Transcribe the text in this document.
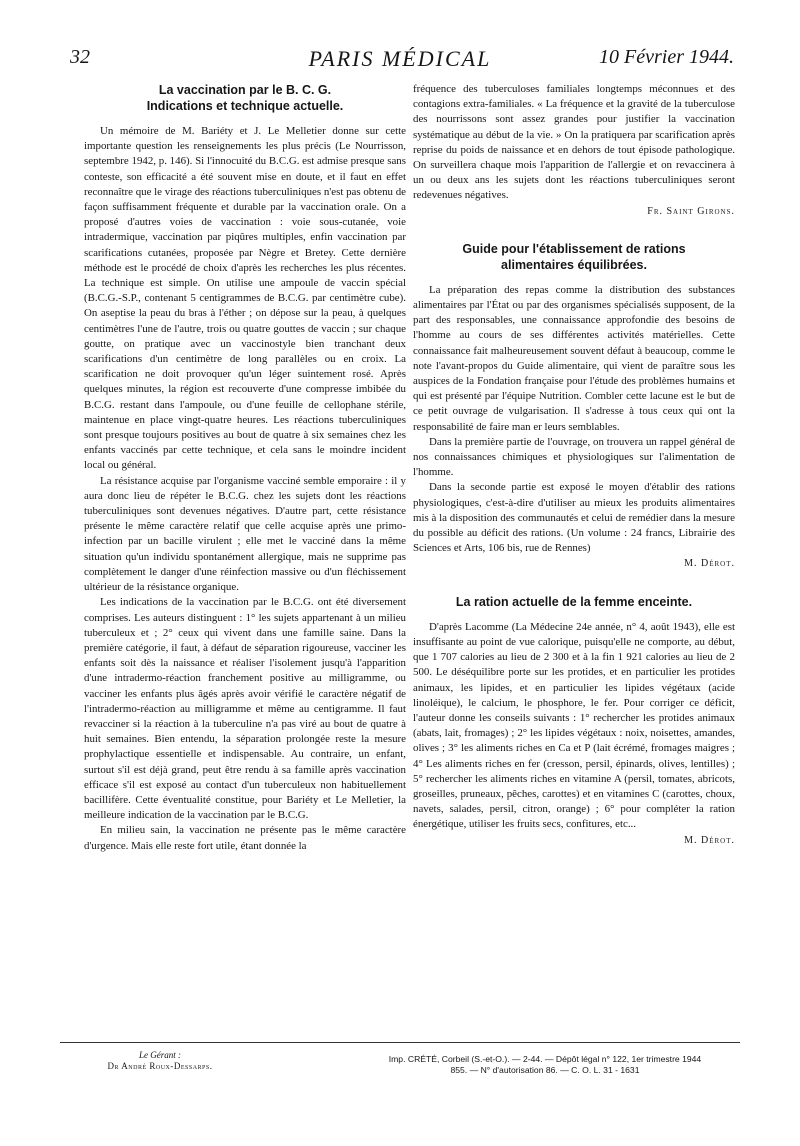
32	PARIS MÉDICAL	10 Février 1944.
La vaccination par le B. C. G.
Indications et technique actuelle.

Un mémoire de M. Bariéty et J. Le Melletier donne sur cette importante question les renseignements les plus précis (Le Nourrisson, septembre 1942, p. 146). Si l'innocuité du B.C.G. est admise presque sans conteste, son efficacité a été souvent mise en doute, et il faut en effet reconnaître que le virage des réactions tuberculiniques n'est pas obtenu de façon suffisamment fréquente et durable par la vaccination orale. On a proposé d'autres voies de vaccination : voie sous-cutanée, voie intradermique, vaccination par piqûres multiples, enfin vaccination par scarifications cutanées, proposée par Nègre et Bretey. Cette dernière méthode est le procédé de choix d'après les recherches les plus récentes. La technique est simple. On utilise une ampoule de vaccin spécial (B.C.G.-S.P., contenant 5 centigrammes de B.C.G. par centimètre cube). On aseptise la peau du bras à l'éther ; on dépose sur la peau, à quelques centimètres l'une de l'autre, trois ou quatre gouttes de vaccin ; sur chaque goutte, on pratique avec un vaccinostyle bien tranchant deux scarifications d'un centimètre de long parallèles ou en croix. La scarification ne doit provoquer qu'un léger suintement rosé. Après quelques minutes, la région est recouverte d'une compresse imbibée du B.C.G. restant dans l'ampoule, ou d'une feuille de cellophane stérile, maintenue en place vingt-quatre heures. Les réactions tuberculiniques sont presque toujours positives au bout de quatre à six semaines chez les enfants vaccinés par cette technique, et cela sans le moindre incident local ou général.

La résistance acquise par l'organisme vacciné semble emporaire : il y aura donc lieu de répéter le B.C.G. chez les sujets dont les réactions tuberculiniques sont devenues négatives. D'autre part, cette résistance présente le même caractère relatif que celle acquise après une primo-infection par un bacille virulent ; elle met le vacciné dans la même situation qu'un individu spontanément allergique, mais ne supprime pas complètement le danger d'une réinfection massive ou d'un fléchissement ultérieur de la résistance organique.

Les indications de la vaccination par le B.C.G. ont été diversement comprises. Les auteurs distinguent : 1° les sujets appartenant à un milieu tuberculeux et ; 2° ceux qui vivent dans une famille saine. Dans la première catégorie, il faut, à défaut de séparation rigoureuse, vacciner les enfants soit dès la naissance et réaliser l'isolement jusqu'à l'apparition d'une intradermo-réaction franchement positive au milligramme, ou vacciner les enfants plus âgés après avoir vérifié le caractère négatif de l'intradermo-réaction au milligramme et même au centigramme. Il faut revacciner si la réaction à la tuberculine n'a pas viré au bout de quatre à huit semaines. Bien entendu, la séparation prolongée reste la mesure prophylactique essentielle et indispensable. Au contraire, un enfant, surtout s'il est déjà grand, peut être rendu à sa famille après vaccination efficace s'il est exposé au contact d'un tuberculeux non habituellement bacillifère. Cette éventualité constitue, pour Bariéty et Le Melletier, la meilleure indication de la vaccination par le B.C.G.

En milieu sain, la vaccination ne présente pas le même caractère d'urgence. Mais elle reste fort utile, étant donnée la

fréquence des tuberculoses familiales longtemps méconnues et des contagions extra-familiales. « La fréquence et la gravité de la tuberculose des nourrissons sont assez grandes pour justifier la vaccination systématique au début de la vie. » On la pratiquera par scarification après reprise du poids de naissance et en dehors de tout épisode pathologique. On surveillera chaque mois l'apparition de l'allergie et on revaccinera à un ou deux ans les sujets dont les réactions tuberculiniques seront redevenues négatives.

Fr. Saint Girons.

Guide pour l'établissement de rations
alimentaires équilibrées.

La préparation des repas comme la distribution des substances alimentaires par l'État ou par des organismes spécialisés supposent, de la part des responsables, une connaissance approfondie des besoins de l'homme au cours de ses différentes activités matérielles. Cette connaissance fait malheureusement souvent défaut à beaucoup, comme le note l'avant-propos du Guide alimentaire, qui vient de paraître sous les auspices de la Fondation française pour l'étude des problèmes humains et qui est présenté par l'équipe Nutrition. Combler cette lacune est le but de ce petit ouvrage de vulgarisation. Il s'adresse à tous ceux qui ont la responsabilité de faire man er leurs semblables.

Dans la première partie de l'ouvrage, on trouvera un rappel général de nos connaissances chimiques et physiologiques sur l'alimentation de l'homme.

Dans la seconde partie est exposé le moyen d'établir des rations physiologiques, c'est-à-dire d'utiliser au mieux les produits alimentaires mis à la disposition des communautés et celui de remédier dans la mesure du possible au déficit des rations. (Un volume : 24 francs, Librairie des Sciences et Arts, 106 bis, rue de Rennes)

M. Dérot.

La ration actuelle de la femme enceinte.

D'après Lacomme (La Médecine 24e année, n° 4, août 1943), elle est insuffisante au point de vue calorique, puisqu'elle ne comporte, au début, que 1 707 calories au lieu de 2 300 et à la fin 1 921 calories au lieu de 2 500. Le déséquilibre porte sur les protides, et en particulier les protides animaux, les lipides, et en particulier les lipides végétaux (acide linoléique), le calcium, le phosphore, le fer. Pour corriger ce déficit, l'auteur donne les conseils suivants : 1° rechercher les protides animaux (abats, lait, fromages) ; 2° les lipides végétaux : noix, noisettes, amandes, olives ; 3° les aliments riches en Ca et P (lait écrémé, fromages maigres ; 4° Les aliments riches en fer (cresson, persil, épinards, olives, lentilles) ; 5° rechercher les aliments riches en vitamine A (persil, tomates, abricots, groseilles, pruneaux, pêches, carottes) et en vitamines C (carottes, choux, navets, salades, persil, citron, orange) ; 6° pour compléter la ration énergétique, utiliser les fruits secs, confitures, etc...

M. Dérot.

Le Gérant :
Dr André Roux-Dessarps.
Imp. CRÉTÉ, Corbeil (S.-et-O.). — 2-44. — Dépôt légal n° 122, 1er trimestre 1944
855. — N° d'autorisation 86. — C. O. L. 31 - 1631
